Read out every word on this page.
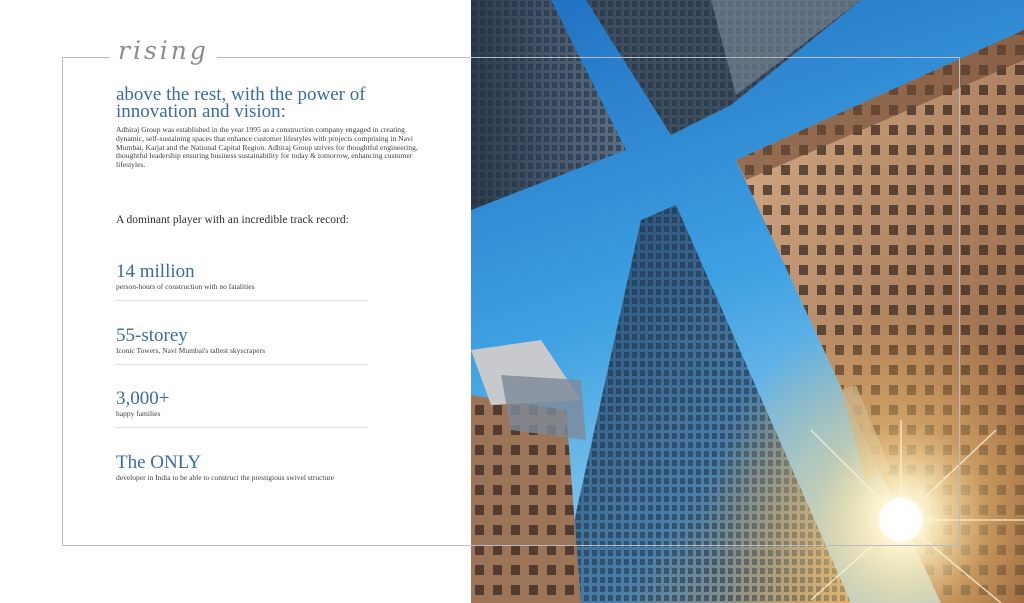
rising
above the rest, with the power of innovation and vision:

Adhiraj Group was established in the year 1995 as a construction company engaged in creating dynamic, self-sustaining spaces that enhance customer lifestyles with projects comprising in Navi Mumbai, Karjat and the National Capital Region. Adhiraj Group strives for thoughtful engineering, thoughtful leadership ensuring business sustainability for today & tomorrow, enhancing customer lifestyles.

A dominant player with an incredible track record:

14 million
person-hours of construction with no fatalities
55-storey
Iconic Towers, Navi Mumbai's tallest skyscrapers
3,000+
happy families
The ONLY
developer in India to be able to construct the prestigious swivel structure
